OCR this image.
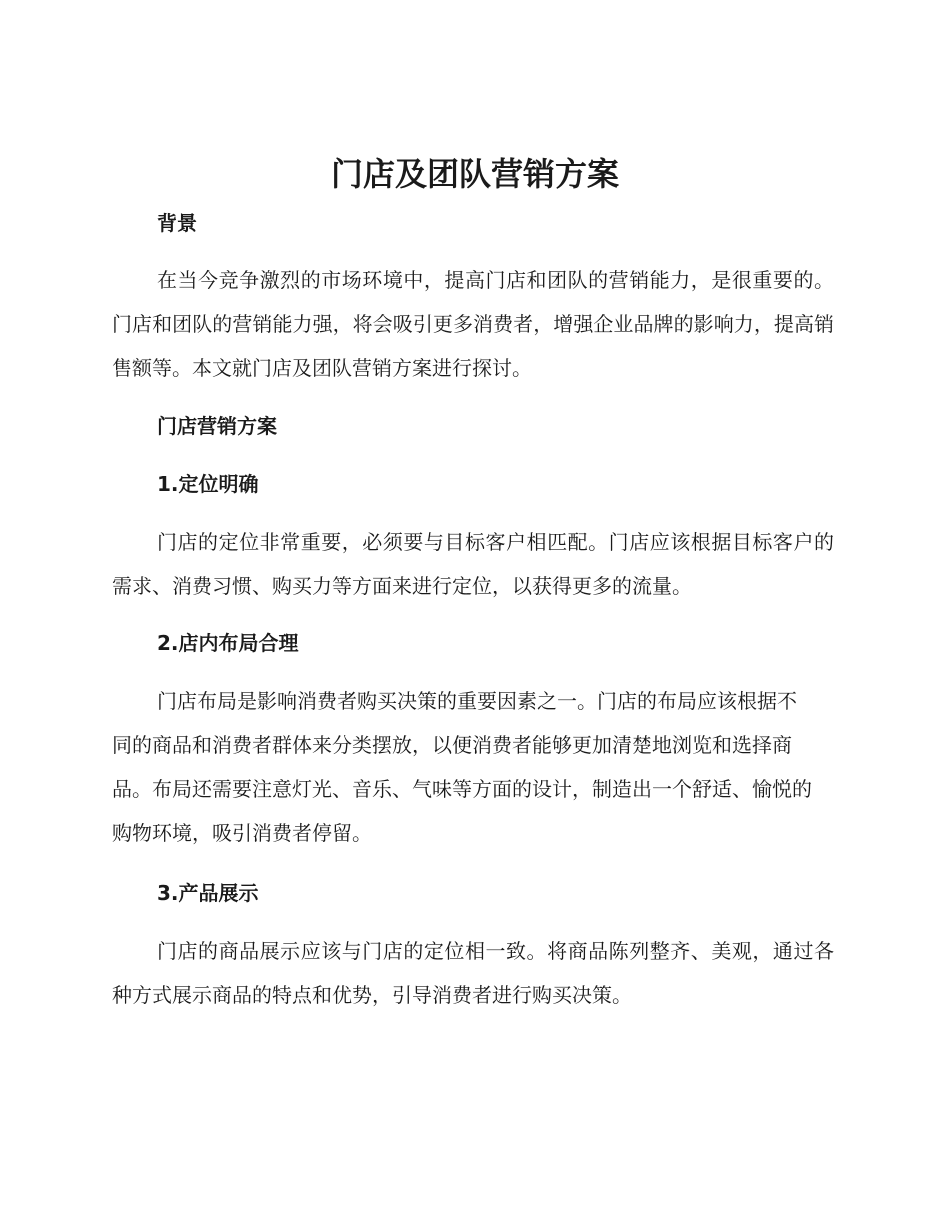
门店及团队营销方案
背景
在当今竞争激烈的市场环境中，提高门店和团队的营销能力，是很重要的。门店和团队的营销能力强，将会吸引更多消费者，增强企业品牌的影响力，提高销售额等。本文就门店及团队营销方案进行探讨。
门店营销方案
1.定位明确
门店的定位非常重要，必须要与目标客户相匹配。门店应该根据目标客户的需求、消费习惯、购买力等方面来进行定位，以获得更多的流量。
2.店内布局合理
门店布局是影响消费者购买决策的重要因素之一。门店的布局应该根据不同的商品和消费者群体来分类摆放，以便消费者能够更加清楚地浏览和选择商品。布局还需要注意灯光、音乐、气味等方面的设计，制造出一个舒适、愉悦的购物环境，吸引消费者停留。
3.产品展示
门店的商品展示应该与门店的定位相一致。将商品陈列整齐、美观，通过各种方式展示商品的特点和优势，引导消费者进行购买决策。
